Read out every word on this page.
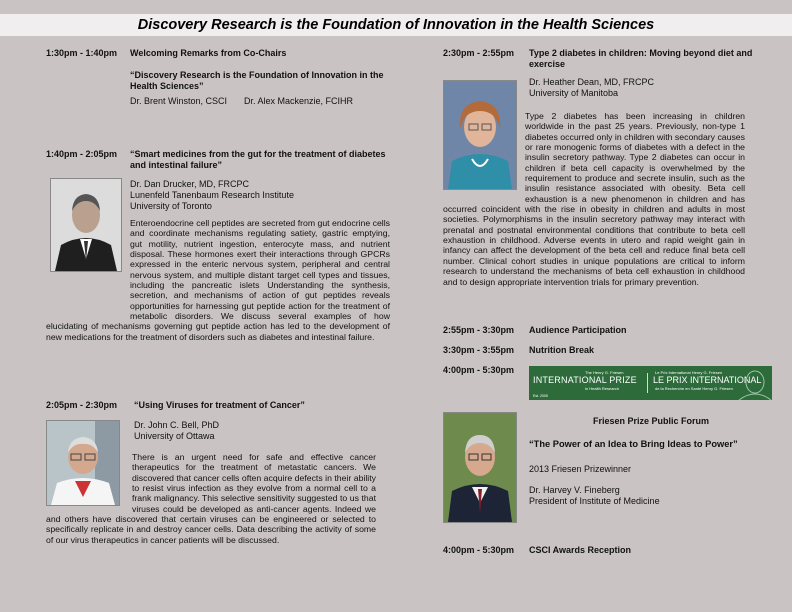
Discovery Research is the Foundation of Innovation in the Health Sciences
1:30pm - 1:40pm Welcoming Remarks from Co-Chairs
“Discovery Research is the Foundation of Innovation in the Health Sciences”
Dr. Brent Winston, CSCI Dr. Alex Mackenzie, FCIHR
1:40pm - 2:05pm “Smart medicines from the gut for the treatment of diabetes and intestinal failure”
Dr. Dan Drucker, MD, FRCPC
Lunenfeld Tanenbaum Research Institute
University of Toronto
Enteroendocrine cell peptides are secreted from gut endocrine cells and coordinate mechanisms regulating satiety, gastric emptying, gut motility, nutrient ingestion, enterocyte mass, and nutrient disposal. These hormones exert their interactions through GPCRs expressed in the enteric nervous system, peripheral and central nervous system, and multiple distant target cell types and tissues, including the pancreatic islets Understanding the synthesis, secretion, and mechanisms of action of gut peptides reveals opportunities for harnessing gut peptide action for the treatment of metabolic disorders. We discuss several examples of how elucidating of mechanisms governing gut peptide action has led to the development of new medications for the treatment of disorders such as diabetes and intestinal failure.
2:05pm - 2:30pm “Using Viruses for treatment of Cancer”
Dr. John C. Bell, PhD
University of Ottawa
There is an urgent need for safe and effective cancer therapeutics for the treatment of metastatic cancers. We discovered that cancer cells often acquire defects in their ability to resist virus infection as they evolve from a normal cell to a frank malignancy. This selective sensitivity suggested to us that viruses could be developed as anti-cancer agents. Indeed we and others have discovered that certain viruses can be engineered or selected to specifically replicate in and destroy cancer cells. Data describing the activity of some of our virus therapeutics in cancer patients will be discussed.
2:30pm - 2:55pm Type 2 diabetes in children: Moving beyond diet and exercise
Dr. Heather Dean, MD, FRCPC
University of Manitoba
Type 2 diabetes has been increasing in children worldwide in the past 25 years. Previously, non-type 1 diabetes occurred only in children with secondary causes or rare monogenic forms of diabetes with a defect in the insulin secretory pathway. Type 2 diabetes can occur in children if beta cell capacity is overwhelmed by the requirement to produce and secrete insulin, such as the insulin resistance associated with obesity. Beta cell exhaustion is a new phenomenon in children and has occurred coincident with the rise in obesity in children and adults in most societies. Polymorphisms in the insulin secretory pathway may interact with prenatal and postnatal environmental conditions that contribute to beta cell exhaustion in childhood. Adverse events in utero and rapid weight gain in infancy can affect the development of the beta cell and reduce final beta cell number. Clinical cohort studies in unique populations are critical to inform research to understand the mechanisms of beta cell exhaustion in childhood and to design appropriate intervention trials for primary prevention.
2:55pm - 3:30pm Audience Participation
3:30pm - 3:55pm Nutrition Break
4:00pm - 5:30pm	The Henry G. Friesen
INTERNATIONAL PRIZE
in Health Research
Est. 2005
Le Prix International Henry G. Friesen
LE PRIX INTERNATIONAL
de la Recherche en Santé Henry G. Friesen
Friesen Prize Public Forum
“The Power of an Idea to Bring Ideas to Power”
2013 Friesen Prizewinner
Dr. Harvey V. Fineberg
President of Institute of Medicine
4:00pm - 5:30pm CSCI Awards Reception
